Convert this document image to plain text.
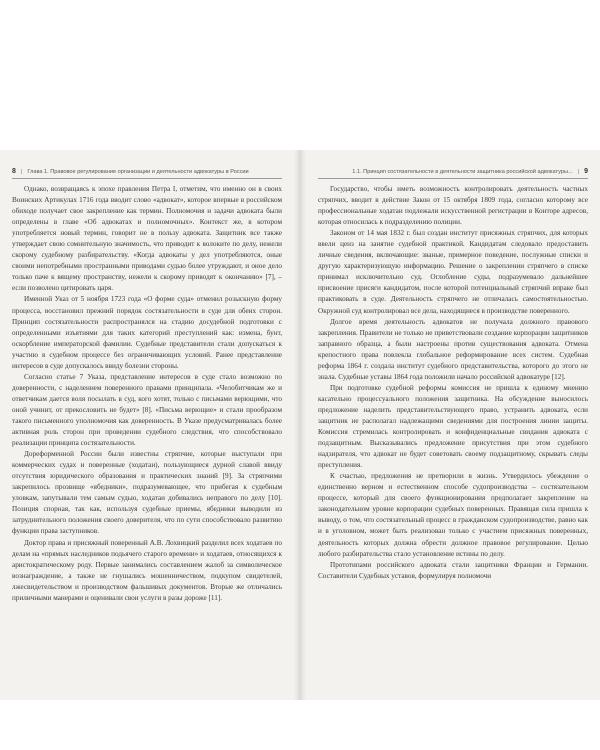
8 | Глава 1. Правовое регулирование организации и деятельности адвокатуры в России

Однако, возвращаясь к эпохе правления Петра I, отметим, что именно он в своих Воинских Артикулах 1716 года вводит слово «адвокат», которое впервые в российском обиходе получает свое закрепление как термин. Полномочия и задачи адвоката были определены в главе «Об адвокатах и полномочных». Контекст же, в котором употребляется новый термин, говорит не в пользу адвоката. Защитник все также утверждает свою сомнительную значимость, что приводит к волоките по делу, нежели скорому судебному разбирательству. «Когда адвокаты у дел употребляются, оные своими непотребными пространными приводами судью более утруждают, и оное дело только паче к вящему пространству, нежели к скорому приводят к окончанию» [7], – если позволено цитировать царя.

Именной Указ от 5 ноября 1723 года «О форме суда» отменил розыскную форму процесса, восстановил прежний порядок состязательности в суде для обеих сторон. Принцип состязательности распространялся на стадию досудебной подготовки с определенными изъятиями для таких категорий преступлений как: измена, бунт, оскорбление императорской фамилии. Судебные представители стали допускаться к участию в судебном процессе без ограничивающих условий. Ранее представление интересов в суде допускалось ввиду болезни стороны.

Согласно статье 7 Указа, представление интересов в суде стало возможно по доверенности, с наделением поверенного правами принципала. «Челобитчикам же и ответчикам дается воля посылать в суд, кого хотят, только с письмами верющими, что оной учинит, от прекословить не будет» [8]. «Письма верющие» и стали прообразом такого письменного уполномочия как доверенность. В Указе предусматривалась более активная роль сторон при проведении судебного следствия, что способствовало реализации принципа состязательности.

Дореформенной России были известны стряпчие, которые выступали при коммерческих судах и поверенные (ходатаи), пользующиеся дурной славой ввиду отсутствия юридического образования и практических знаний [9]. За стряпчими закрепилось прозвище «ябедники», подразумевающее, что прибегая к судебным уловкам, запутывали тем самым судью, ходатаи добивались неправого по делу [10]. Позиция спорная, так как, используя судебные приемы, ябедники выводили из затруднительного положения своего доверителя, что по сути способствовало развитию функции права заступников.

Доктор права и присяжный поверенный А.В. Лохвицкий разделил всех ходатаев по делам на «прямых наследников подьячего старого времени» и ходатаев, относящихся к аристократическому роду. Первые занимались составлением жалоб за символическое вознаграждение, а также не гнушались мошенничеством, подкупом свидетелей, лжесвидетельством и производством фальшивых документов. Вторые же отличались приличными манерами и оценивали свои услуги в разы дороже [11].

1.1. Принцип состязательности в деятельности защитника российской адвокатуры... | 9

Государство, чтобы иметь возможность контролировать деятельность частных стряпчих, вводит в действие Закон от 15 октября 1809 года, согласно которому все профессиональные ходатаи подлежали искусственной регистрации в Конторе адресов, которая относилась к подразделению полиции.

Законом от 14 мая 1832 г. был создан институт присяжных стряпчих, для которых ввели ценз на занятие судебной практикой. Кандидатам следовало предоставить личные сведения, включающие: званые, примерное поведение, послужные списки и другую характеризующую информацию. Решение о закреплении стряпчего в списке принимал исключительно суд. Оглобление суды, подразумевало дальнейшее присвоение присяги кандидатом, после которой потенциальный стряпчий впраке был практиковать в суде. Деятельность стряпчего не отличалась самостоятельностью. Окружной суд контролировал все дела, находящиеся в производстве поверенного.

Долгое время деятельность адвокатов не получала должного правового закрепления. Правители не только не приветствовали создание корпорации защитников заправного образца, а были настроены против существования адвоката. Отмена крепостного права повлекла глобальное реформирование всех систем. Судебная реформа 1864 г. создала институт судебного представительства, которого до этого не знала. Судебные уставы 1864 года положили начало российской адвокатуре [12].

При подготовке судебной реформы комиссия не пришла к единому мнению касательно процессуального положения защитника. На обсуждение выносилось предложение наделить представительствующего право, устранить адвоката, если защитник не располагал надлежащими сведениями для построения линии защиты. Комиссия стремилась контролировать и конфиденциальные свидания адвоката с подзащитным. Высказывались предложение присутствия при этом судебного надзирателя, что адвокат не будет советовать своему подзащитному, скрывать следы преступления.

К счастью, предложения не претворили в жизнь. Утвердилось убеждение о единственно верном и естественном способе судопроизводства – состязательном процессе, который для своего функционирования предполагает закрепление на законодательном уровне корпорации судебных поверенных. Правящая сила пришла к выводу, о том, что состязательный процесс в гражданском судопроизводстве, равно как и в уголовном, может быть реализован только с участием присяжных поверенных, деятельность которых должна обрести должное правовое регулирование. Целью любого разбирательства стало установление истины по делу.

Прототипами российского адвоката стали защитники Франции и Германии. Составители Судебных уставов, формулируя полномочи
